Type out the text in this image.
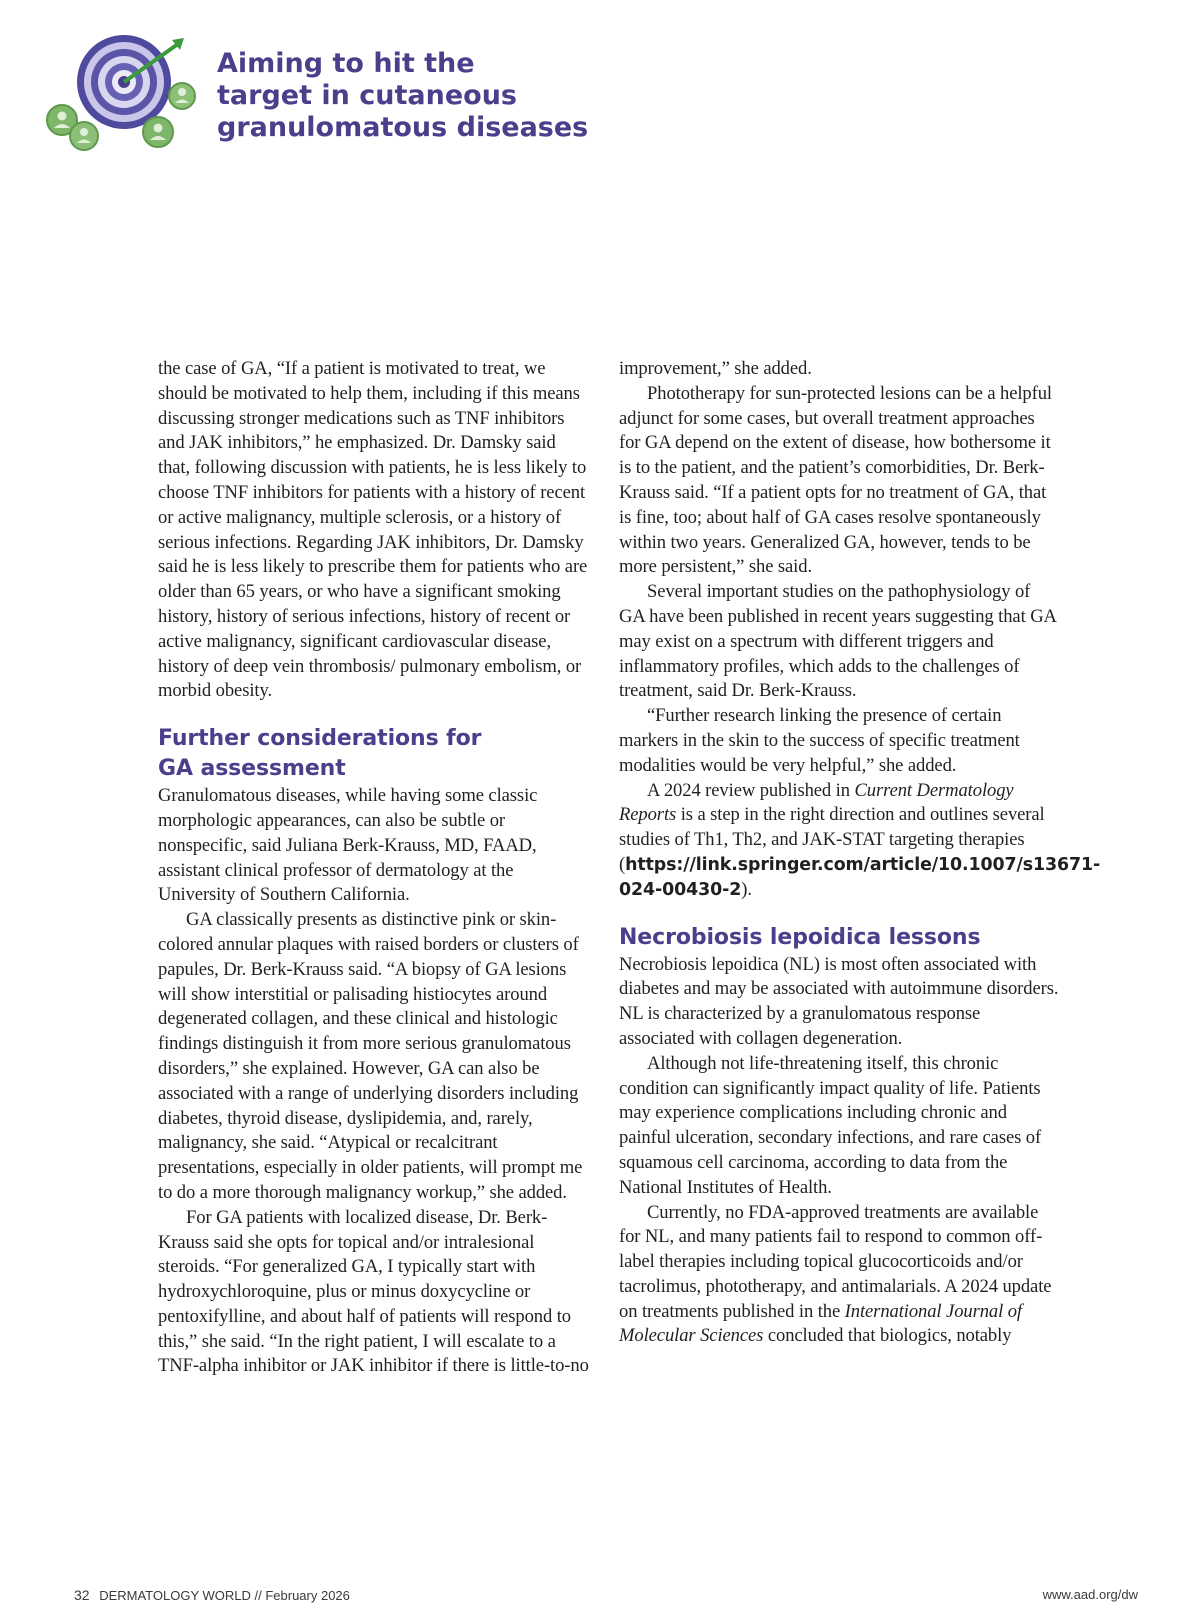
Aiming to hit the
target in cutaneous
granulomatous diseases

the case of GA, “If a patient is motivated to treat, we should be motivated to help them, including if this means discussing stronger medications such as TNF inhibitors and JAK inhibitors,” he emphasized. Dr. Damsky said that, following discussion with patients, he is less likely to choose TNF inhibitors for patients with a history of recent or active malignancy, multiple sclerosis, or a history of serious infections. Regarding JAK inhibitors, Dr. Damsky said he is less likely to prescribe them for patients who are older than 65 years, or who have a significant smoking history, history of serious infections, history of recent or active malignancy, significant cardiovascular disease, history of deep vein thrombosis/ pulmonary embolism, or morbid obesity.

Further considerations for
GA assessment

Granulomatous diseases, while having some classic morphologic appearances, can also be subtle or nonspecific, said Juliana Berk-Krauss, MD, FAAD, assistant clinical professor of dermatology at the University of Southern California.

GA classically presents as distinctive pink or skin-colored annular plaques with raised borders or clusters of papules, Dr. Berk-Krauss said. “A biopsy of GA lesions will show interstitial or palisading histiocytes around degenerated collagen, and these clinical and histologic findings distinguish it from more serious granulomatous disorders,” she explained. However, GA can also be associated with a range of underlying disorders including diabetes, thyroid disease, dyslipidemia, and, rarely, malignancy, she said. “Atypical or recalcitrant presentations, especially in older patients, will prompt me to do a more thorough malignancy workup,” she added.

For GA patients with localized disease, Dr. Berk-Krauss said she opts for topical and/or intralesional steroids. “For generalized GA, I typically start with hydroxychloroquine, plus or minus doxycycline or pentoxifylline, and about half of patients will respond to this,” she said. “In the right patient, I will escalate to a TNF-alpha inhibitor or JAK inhibitor if there is little-to-no

improvement,” she added.

Phototherapy for sun-protected lesions can be a helpful adjunct for some cases, but overall treatment approaches for GA depend on the extent of disease, how bothersome it is to the patient, and the patient’s comorbidities, Dr. Berk-Krauss said. “If a patient opts for no treatment of GA, that is fine, too; about half of GA cases resolve spontaneously within two years. Generalized GA, however, tends to be more persistent,” she said.

Several important studies on the pathophysiology of GA have been published in recent years suggesting that GA may exist on a spectrum with different triggers and inflammatory profiles, which adds to the challenges of treatment, said Dr. Berk-Krauss.

“Further research linking the presence of certain markers in the skin to the success of specific treatment modalities would be very helpful,” she added.

A 2024 review published in Current Dermatology Reports is a step in the right direction and outlines several studies of Th1, Th2, and JAK-STAT targeting therapies (https://link.springer.com/article/10.1007/s13671-024-00430-2).

Necrobiosis lepoidica lessons

Necrobiosis lepoidica (NL) is most often associated with diabetes and may be associated with autoimmune disorders. NL is characterized by a granulomatous response associated with collagen degeneration.

Although not life-threatening itself, this chronic condition can significantly impact quality of life. Patients may experience complications including chronic and painful ulceration, secondary infections, and rare cases of squamous cell carcinoma, according to data from the National Institutes of Health.

Currently, no FDA-approved treatments are available for NL, and many patients fail to respond to common off-label therapies including topical glucocorticoids and/or tacrolimus, phototherapy, and antimalarials. A 2024 update on treatments published in the International Journal of Molecular Sciences concluded that biologics, notably

32 DERMATOLOGY WORLD // February 2026	www.aad.org/dw
